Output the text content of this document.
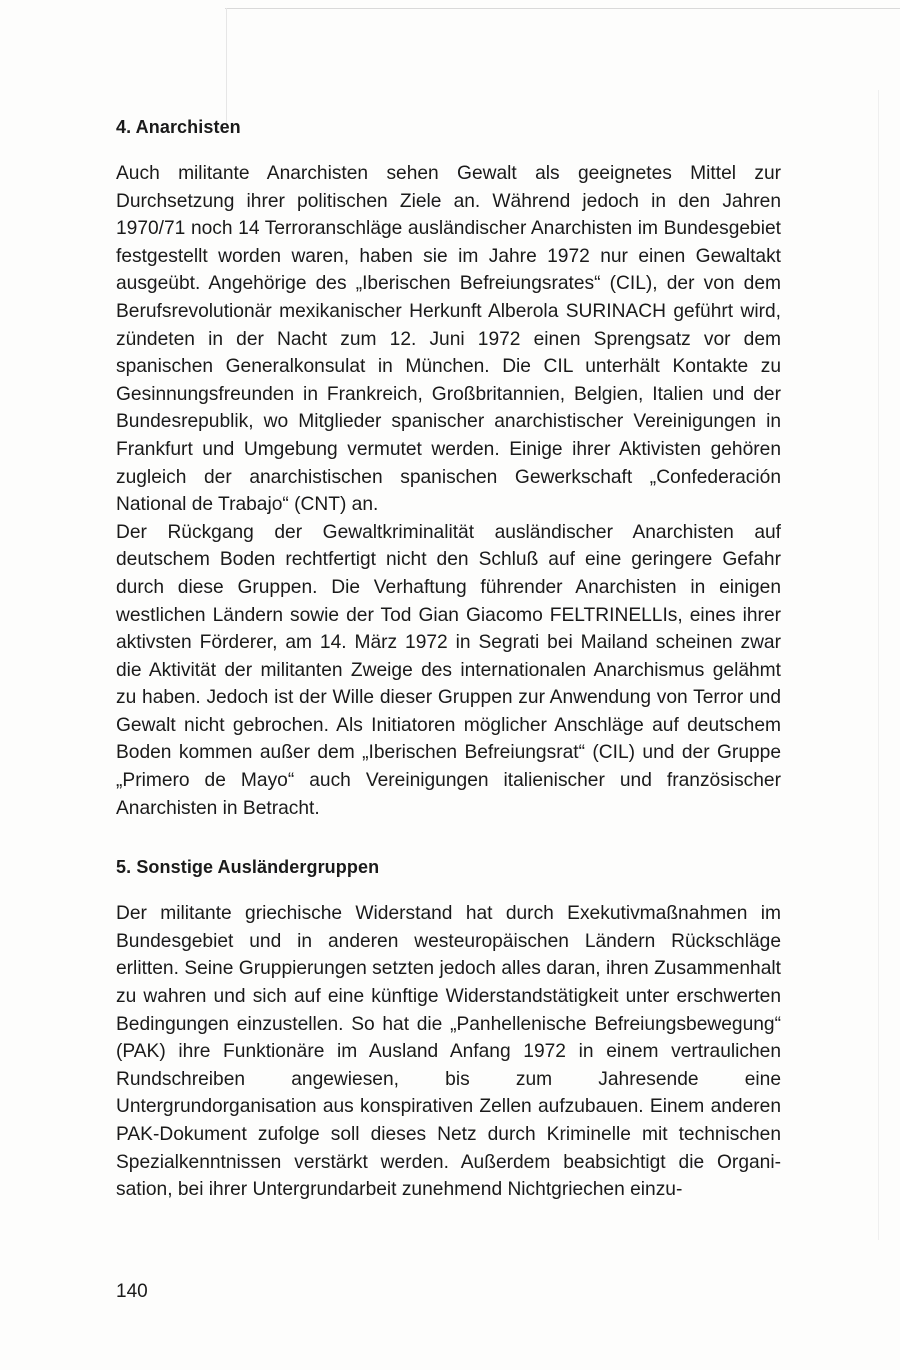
4. Anarchisten

Auch militante Anarchisten sehen Gewalt als geeignetes Mittel zur Durchsetzung ihrer politischen Ziele an. Während jedoch in den Jahren 1970/71 noch 14 Terroranschläge ausländischer Anarchisten im Bundesgebiet festgestellt worden waren, haben sie im Jahre 1972 nur einen Gewaltakt ausgeübt. Angehörige des „Iberischen Befreiungsrates“ (CIL), der von dem Berufsrevolutionär mexikanischer Herkunft Alberola SURINACH geführt wird, zündeten in der Nacht zum 12. Juni 1972 einen Sprengsatz vor dem spanischen Generalkonsulat in München. Die CIL unterhält Kontakte zu Gesinnungsfreunden in Frankreich, Großbritannien, Belgien, Italien und der Bundesrepublik, wo Mitglieder spanischer anarchistischer Vereinigungen in Frankfurt und Umgebung vermutet werden. Einige ihrer Aktivisten gehören zugleich der anarchistischen spanischen Gewerkschaft „Confederación National de Trabajo“ (CNT) an.

Der Rückgang der Gewaltkriminalität ausländischer Anarchisten auf deutschem Boden rechtfertigt nicht den Schluß auf eine geringere Gefahr durch diese Gruppen. Die Verhaftung führender Anarchisten in einigen westlichen Ländern sowie der Tod Gian Giacomo FELTRINELLIs, eines ihrer aktivsten Förderer, am 14. März 1972 in Segrati bei Mailand scheinen zwar die Aktivität der militanten Zweige des internationalen Anarchismus gelähmt zu haben. Jedoch ist der Wille dieser Gruppen zur Anwendung von Terror und Gewalt nicht gebrochen. Als Initiatoren möglicher Anschläge auf deutschem Boden kommen außer dem „Iberischen Befreiungsrat“ (CIL) und der Gruppe „Primero de Mayo“ auch Vereinigungen italienischer und französischer Anarchisten in Betracht.

5. Sonstige Ausländergruppen

Der militante griechische Widerstand hat durch Exekutivmaßnahmen im Bundesgebiet und in anderen westeuropäischen Ländern Rückschläge erlitten. Seine Gruppierungen setzten jedoch alles daran, ihren Zusammenhalt zu wahren und sich auf eine künftige Widerstandstätigkeit unter erschwerten Bedingungen einzustellen. So hat die „Panhellenische Befreiungsbewegung“ (PAK) ihre Funktionäre im Ausland Anfang 1972 in einem vertraulichen Rundschreiben angewiesen, bis zum Jahresende eine Untergrundorganisation aus konspirativen Zellen aufzubauen. Einem anderen PAK-Dokument zufolge soll dieses Netz durch Kriminelle mit technischen Spezialkenntnissen verstärkt werden. Außerdem beabsichtigt die Organisation, bei ihrer Untergrundarbeit zunehmend Nichtgriechen einzu-

140
